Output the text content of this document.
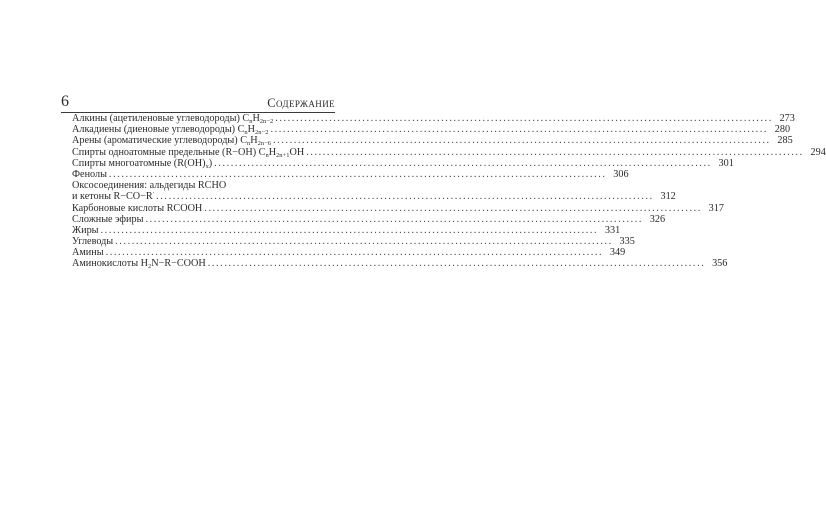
6	Содержание
Алкины (ацетиленовые углеводороды) $C_nH_{2n-2}$ ........................................................................................................................ 273
Алкадиены (диеновые углеводороды) $C_nH_{2n-2}$ ........................................................................................................................ 280
Арены (ароматические углеводороды) $C_nH_{2n-6}$ ........................................................................................................................ 285
Спирты одноатомные предельные (R−OH) $C_nH_{2n+1}OH$ ........................................................................................................................ 294
Спирты многоатомные $(R(OH)_x)$ ........................................................................................................................ 301
Фенолы ........................................................................................................................ 306
Оксосоединения: альдегиды RCHO
и кетоны R−CO−R′ ........................................................................................................................ 312
Карбоновые кислоты RCOOH ........................................................................................................................ 317
Сложные эфиры ........................................................................................................................ 326
Жиры ........................................................................................................................ 331
Углеводы ........................................................................................................................ 335
Амины ........................................................................................................................ 349
Аминокислоты $H_2N-R-COOH$ ........................................................................................................................ 356
